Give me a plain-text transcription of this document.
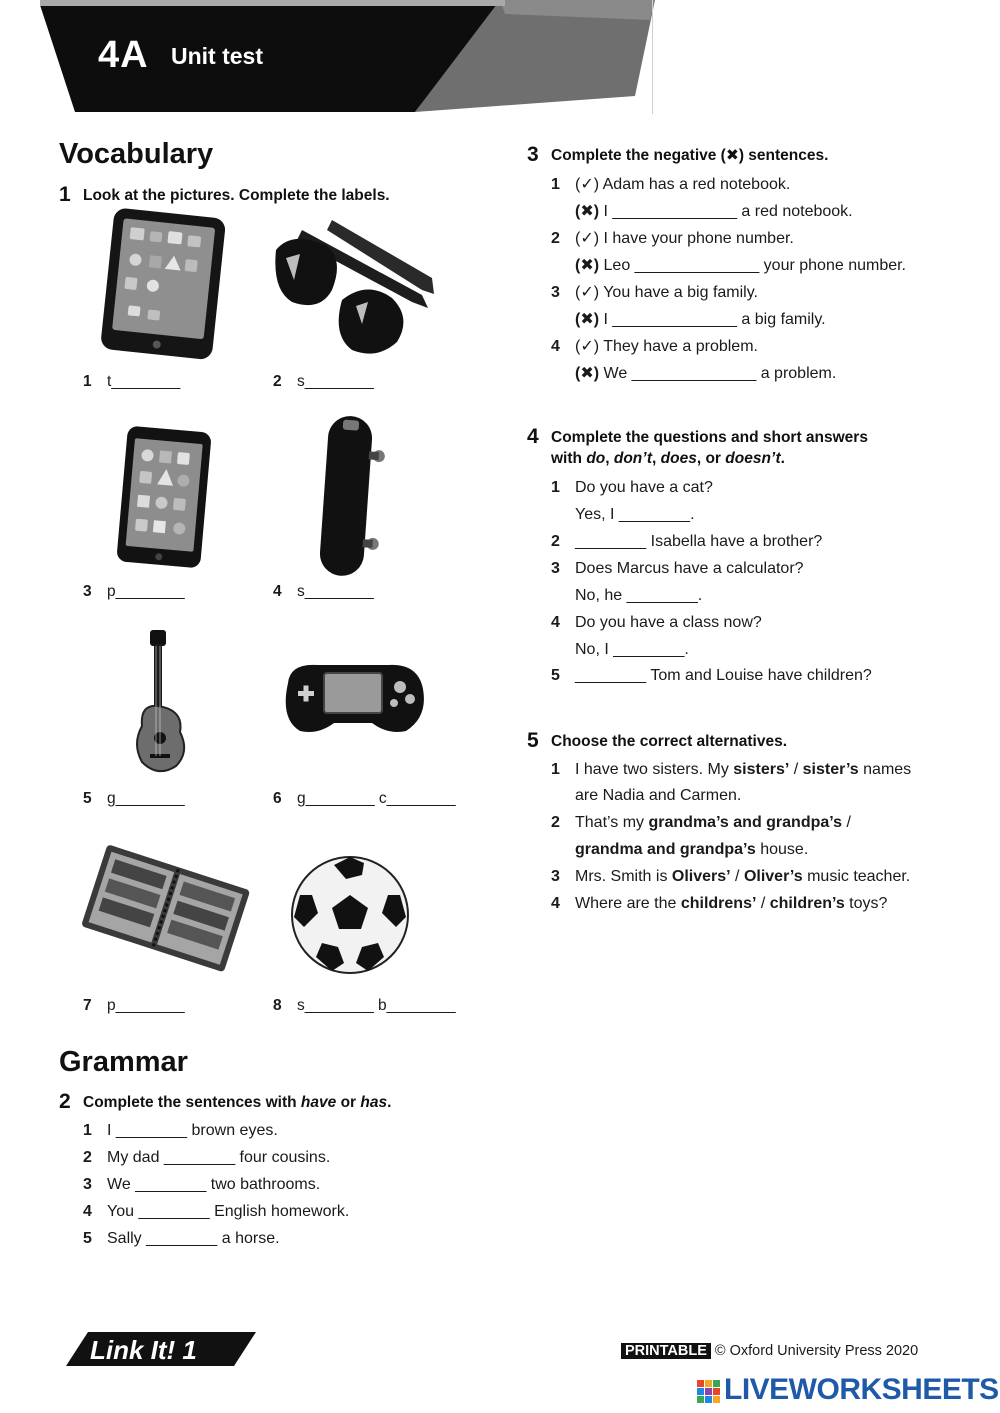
4A Unit test
Vocabulary
1 Look at the pictures. Complete the labels.
1 t ________	2 s ________
3 p ________	4 s ________
5 g ________	6 g ________	c ________
7 p ________	8 s ________	b ________
Grammar
2 Complete the sentences with have or has.
1 I ________	brown eyes.
2 My dad ________	four cousins.
3 We ________	two bathrooms.
4 You ________	English homework.
5 Sally ________	a horse.
3 Complete the negative (✖) sentences.
1 (✓) Adam has a red notebook.
(✖) I _____	a red notebook.
2 (✓) I have your phone number.
(✖) Leo _____	your phone number.
3 (✓) You have a big family.
(✖) I _____	a big family.
4 (✓) They have a problem.
(✖) We _____	a problem.
4 Complete the questions and short answers
with do, don’t, does, or doesn’t.
1 Do you have a cat?
Yes, I ________	.
2 ________	Isabella have a brother?
3 Does Marcus have a calculator?
No, he ________	.
4 Do you have a class now?
No, I ________	.
5 ________	Tom and Louise have children?
5 Choose the correct alternatives.
1 I have two sisters. My sisters’ / sister’s names
are Nadia and Carmen.
2 That’s my grandma’s and grandpa’s /
grandma and grandpa’s house.
3 Mrs. Smith is Olivers’ / Oliver’s music teacher.
4 Where are the childrens’ / children’s toys?
Link It! 1	PRINTABLE © Oxford University Press 2020
LIVEWORKSHEETS
